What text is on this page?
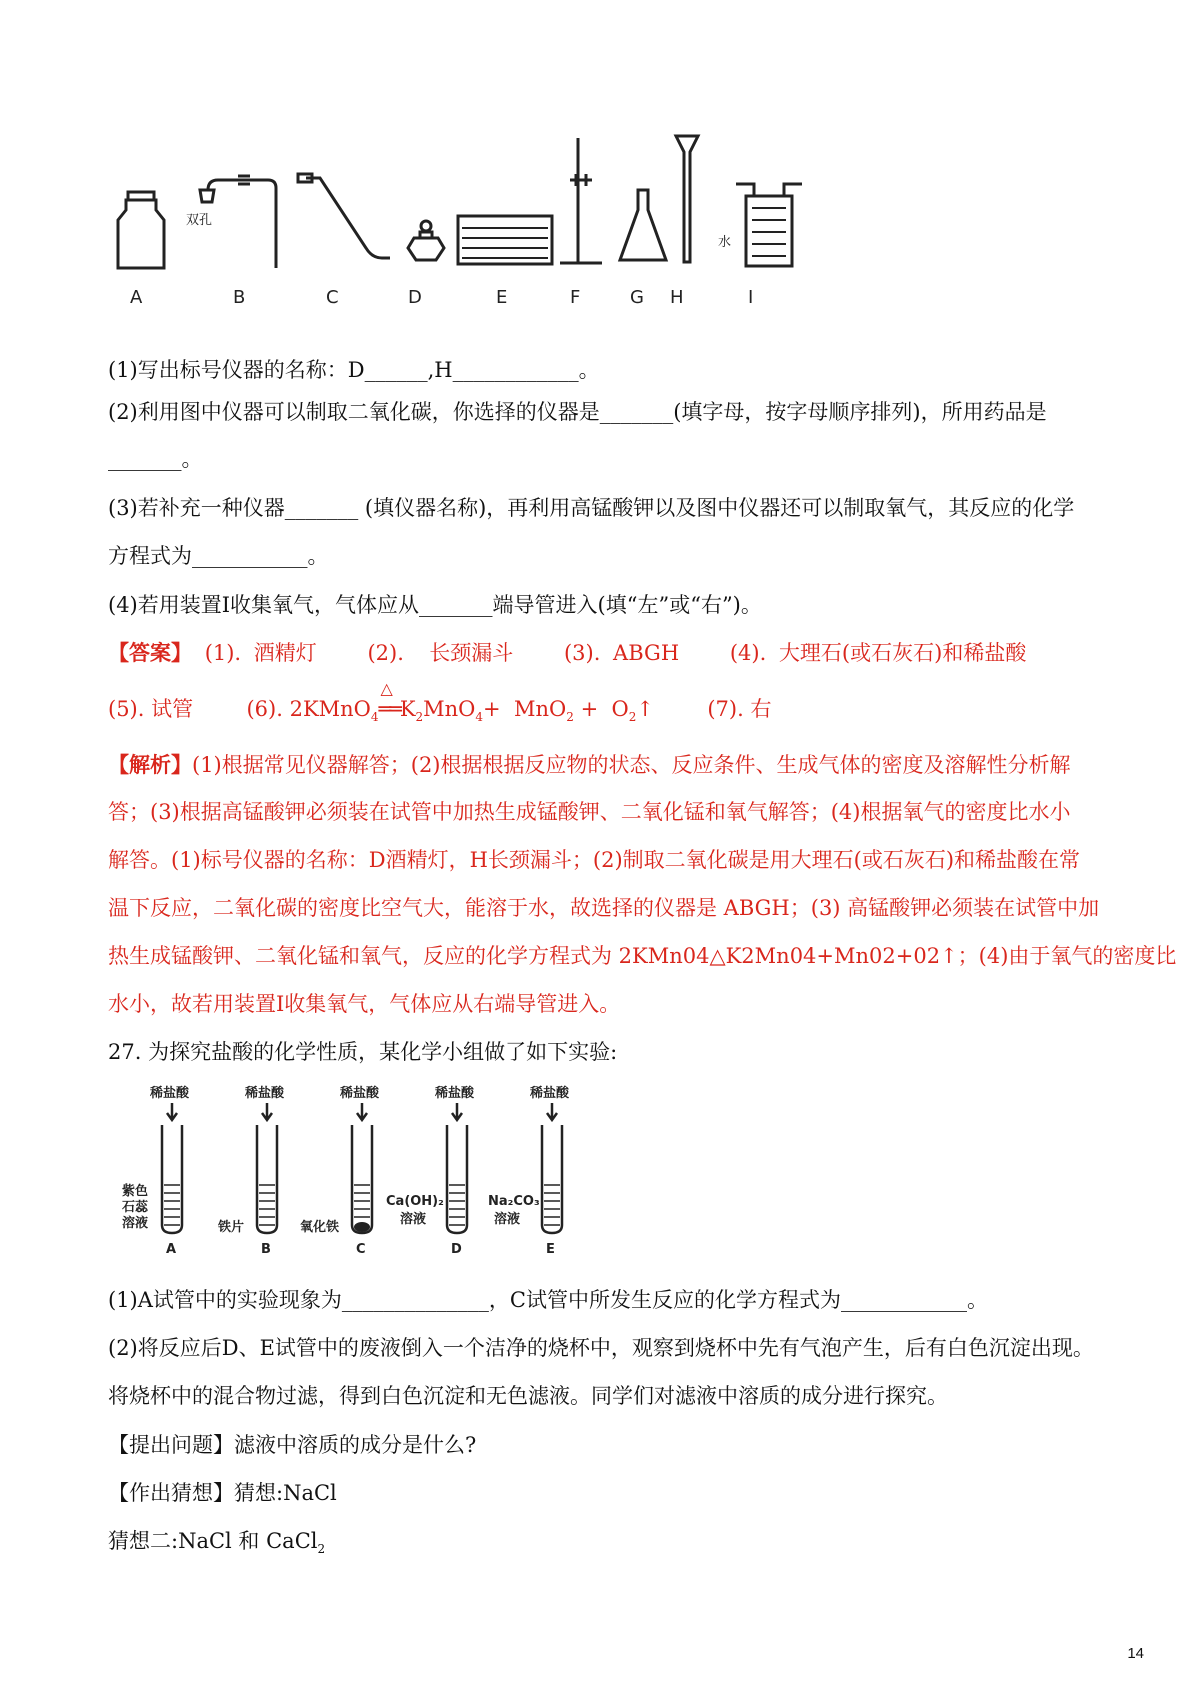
双孔
水
A	B	C	D	E	F	G H	I
(1)写出标号仪器的名称：D______,H____________。
(2)利用图中仪器可以制取二氧化碳，你选择的仪器是_______(填字母，按字母顺序排列)，所用药品是
_______。
(3)若补充一种仪器_______ (填仪器名称)，再利用高锰酸钾以及图中仪器还可以制取氧气，其反应的化学
方程式为___________。
(4)若用装置Ⅰ收集氧气，气体应从_______端导管进入(填“左”或“右”)。
【答案】 (1). 酒精灯    (2).  长颈漏斗    (3). ABGH    (4). 大理石(或石灰石)和稀盐酸
(5). 试管	(6). 2KMnO$_4$
△
$══K_2MnO_4+ MnO_2$ +  $O_2↑$	(7). 右
【解析】(1)根据常见仪器解答；(2)根据根据反应物的状态、反应条件、生成气体的密度及溶解性分析解
答；(3)根据高锰酸钾必须装在试管中加热生成锰酸钾、二氧化锰和氧气解答；(4)根据氧气的密度比水小
解答。(1)标号仪器的名称：D酒精灯，H长颈漏斗；(2)制取二氧化碳是用大理石(或石灰石)和稀盐酸在常
温下反应，二氧化碳的密度比空气大，能溶于水，故选择的仪器是 ABGH；(3) 高锰酸钾必须装在试管中加
热生成锰酸钾、二氧化锰和氧气，反应的化学方程式为 2KMn04△K2Mn04+Mn02+02↑；(4)由于氧气的密度比
水小，故若用装置Ⅰ收集氧气，气体应从右端导管进入。
27. 为探究盐酸的化学性质，某化学小组做了如下实验:
稀盐酸	稀盐酸	稀盐酸	稀盐酸	稀盐酸
紫色
石蕊
溶液	铁片	氧化铁
Ca(OH)₂
溶液
Na₂CO₃
溶液
A	B	C	D	E
(1)A试管中的实验现象为______________，C试管中所发生反应的化学方程式为____________。
(2)将反应后D、E试管中的废液倒入一个洁净的烧杯中，观察到烧杯中先有气泡产生，后有白色沉淀出现。
将烧杯中的混合物过滤，得到白色沉淀和无色滤液。同学们对滤液中溶质的成分进行探究。
【提出问题】滤液中溶质的成分是什么?
【作出猜想】猜想:NaCl
猜想二:NaCl 和 CaCl$_2$
14
